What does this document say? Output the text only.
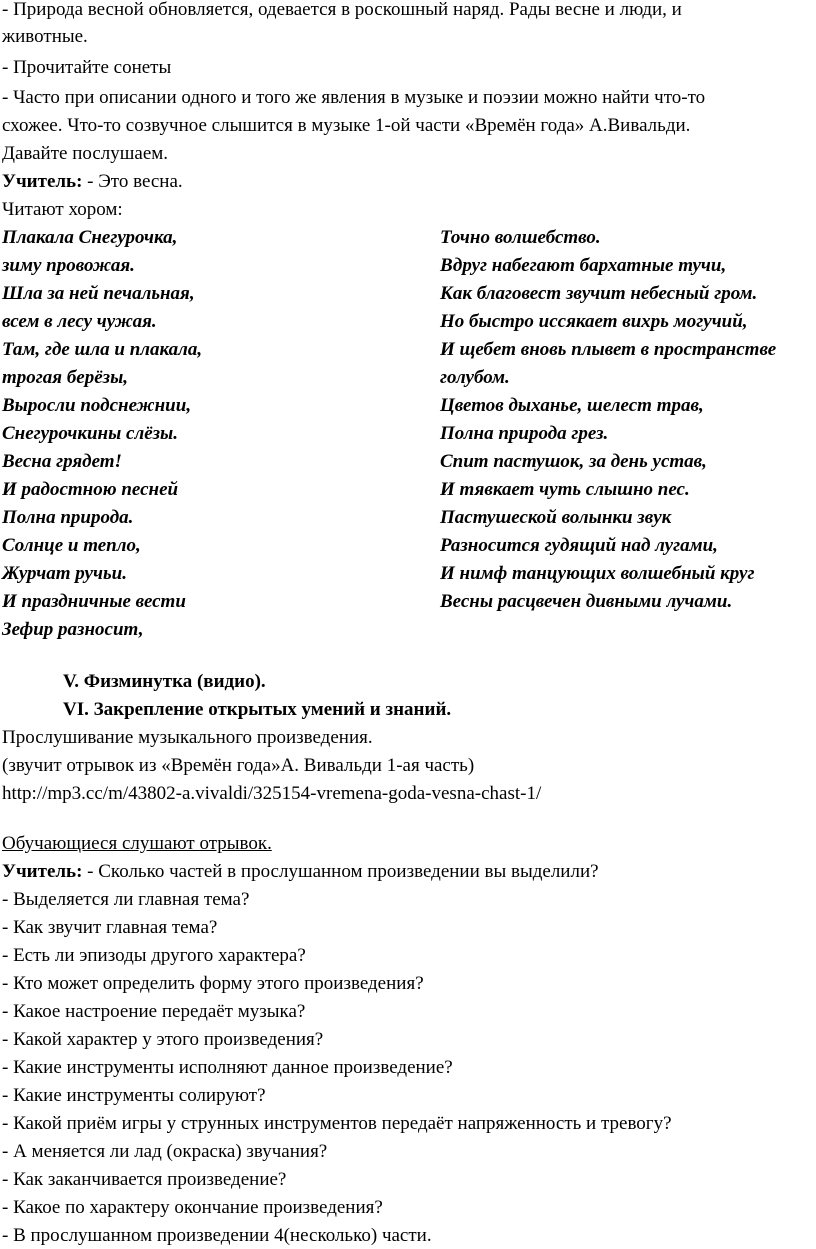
- Природа весной обновляется, одевается в роскошный наряд. Рады весне и люди, и
животные.
- Прочитайте сонеты
- Часто при описании одного и того же явления в музыке и поэзии можно найти что-то
схожее. Что-то созвучное слышится в музыке 1-ой части «Времён года» А.Вивальди.
Давайте послушаем.
Учитель: - Это весна.
Читают хором:
Плакала Снегурочка,
зиму провожая.
Шла за ней печальная,
всем в лесу чужая.
Там, где шла и плакала,
трогая берёзы,
Выросли подснежнии,
Снегурочкины слёзы.
Весна грядет!
И радостною песней
Полна природа.
Солнце и тепло,
Журчат ручьи.
И праздничные вести
Зефир разносит,
Точно волшебство.
Вдруг набегают бархатные тучи,
Как благовест звучит небесный гром.
Но быстро иссякает вихрь могучий,
И щебет вновь плывет в пространстве
голубом.
Цветов дыханье, шелест трав,
Полна природа грез.
Спит пастушок, за день устав,
И тявкает чуть слышно пес.
Пастушеской волынки звук
Разносится гудящий над лугами,
И нимф танцующих волшебный круг
Весны расцвечен дивными лучами.
V. Физминутка (видио).
VI. Закрепление открытых умений и знаний.
Прослушивание музыкального произведения.
(звучит отрывок из «Времён года»А. Вивальди 1-ая часть)
http://mp3.cc/m/43802-a.vivaldi/325154-vremena-goda-vesna-chast-1/
Обучающиеся слушают отрывок.
Учитель: - Сколько частей в прослушанном произведении вы выделили?
- Выделяется ли главная тема?
- Как звучит главная тема?
- Есть ли эпизоды другого характера?
- Кто может определить форму этого произведения?
- Какое настроение передаёт музыка?
- Какой характер у этого произведения?
- Какие инструменты исполняют данное произведение?
- Какие инструменты солируют?
- Какой приём игры у струнных инструментов передаёт напряженность и тревогу?
- А меняется ли лад (окраска) звучания?
- Как заканчивается произведение?
- Какое по характеру окончание произведения?
- В прослушанном произведении 4(несколько) части.
